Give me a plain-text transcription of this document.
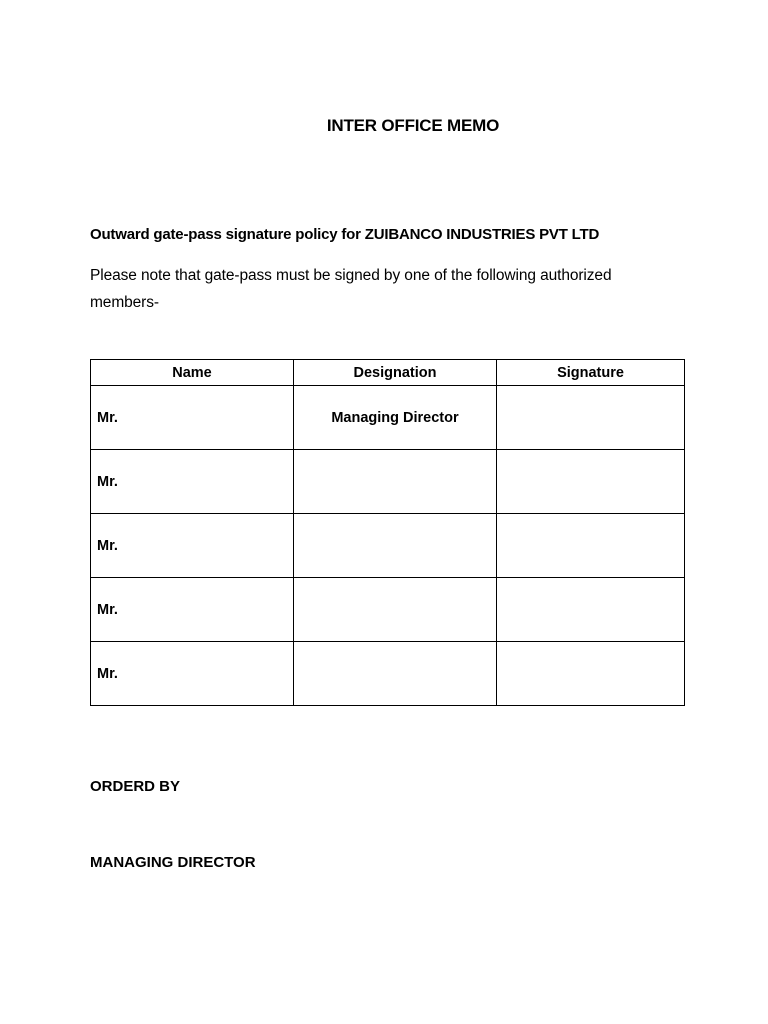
INTER OFFICE MEMO
Outward gate-pass signature policy for ZUIBANCO INDUSTRIES PVT LTD
Please note that gate-pass must be signed by one of the following authorized members-
Name	Designation	Signature
Mr.	Managing Director	
Mr.		
Mr.		
Mr.		
Mr.		
ORDERD BY
MANAGING DIRECTOR
